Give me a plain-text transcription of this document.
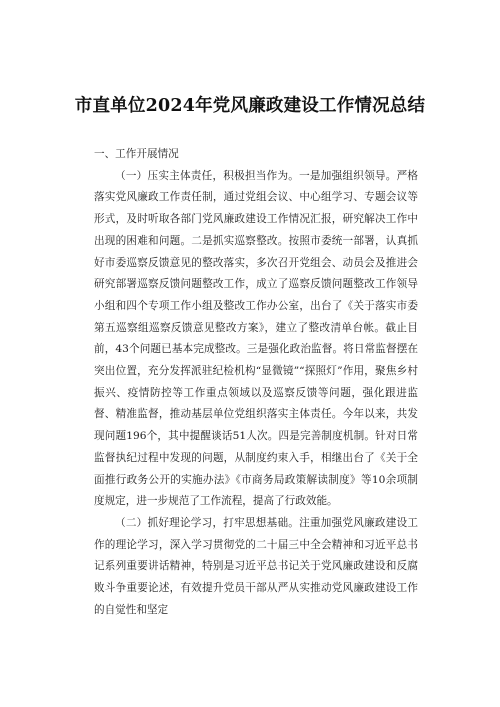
市直单位2024年党风廉政建设工作情况总结

一、工作开展情况

（一）压实主体责任，积极担当作为。一是加强组织领导。严格落实党风廉政工作责任制，通过党组会议、中心组学习、专题会议等形式，及时听取各部门党风廉政建设工作情况汇报，研究解决工作中出现的困难和问题。二是抓实巡察整改。按照市委统一部署，认真抓好市委巡察反馈意见的整改落实，多次召开党组会、动员会及推进会研究部署巡察反馈问题整改工作，成立了巡察反馈问题整改工作领导小组和四个专项工作小组及整改工作办公室，出台了《关于落实市委第五巡察组巡察反馈意见整改方案》，建立了整改清单台帐。截止目前，43个问题已基本完成整改。三是强化政治监督。将日常监督摆在突出位置，充分发挥派驻纪检机构“显微镜”“探照灯”作用，聚焦乡村振兴、疫情防控等工作重点领域以及巡察反馈等问题，强化跟进监督、精准监督，推动基层单位党组织落实主体责任。今年以来，共发现问题196个，其中提醒谈话51人次。四是完善制度机制。针对日常监督执纪过程中发现的问题，从制度约束入手，相继出台了《关于全面推行政务公开的实施办法》《市商务局政策解读制度》等10余项制度规定，进一步规范了工作流程，提高了行政效能。

（二）抓好理论学习，打牢思想基础。注重加强党风廉政建设工作的理论学习，深入学习贯彻党的二十届三中全会精神和习近平总书记系列重要讲话精神，特别是习近平总书记关于党风廉政建设和反腐败斗争重要论述，有效提升党员干部从严从实推动党风廉政建设工作的自觉性和坚定
